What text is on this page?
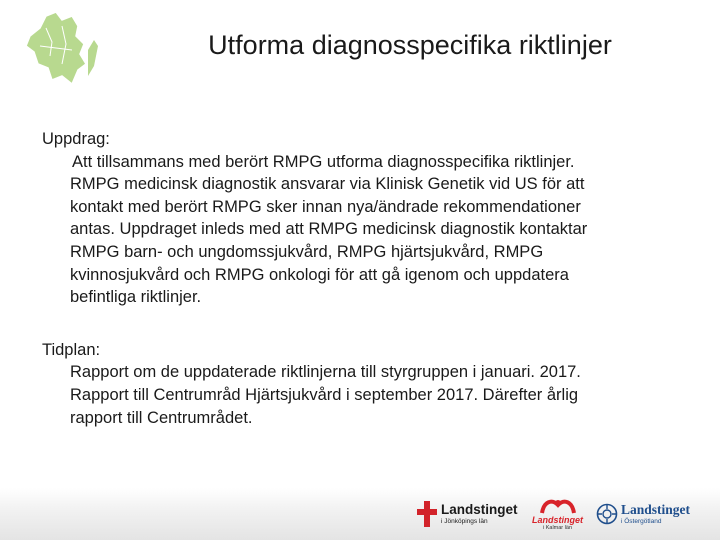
Utforma diagnosspecifika riktlinjer
Uppdrag:
Att tillsammans med berört RMPG utforma diagnosspecifika riktlinjer.
RMPG medicinsk diagnostik ansvarar via Klinisk Genetik vid US för att
kontakt med berört RMPG sker innan nya/ändrade rekommendationer
antas. Uppdraget inleds med att RMPG medicinsk diagnostik kontaktar
RMPG barn- och ungdomssjukvård, RMPG hjärtsjukvård, RMPG
kvinnosjukvård och RMPG onkologi för att gå igenom och uppdatera
befintliga riktlinjer.
Tidplan:
Rapport om de uppdaterade riktlinjerna till styrgruppen i januari. 2017.
Rapport till Centrumråd Hjärtsjukvård i september 2017. Därefter årlig
rapport till Centrumrådet.
Landstinget
i Jönköpings län	Landstinget
i Kalmar län
Landstinget
i Östergötland
